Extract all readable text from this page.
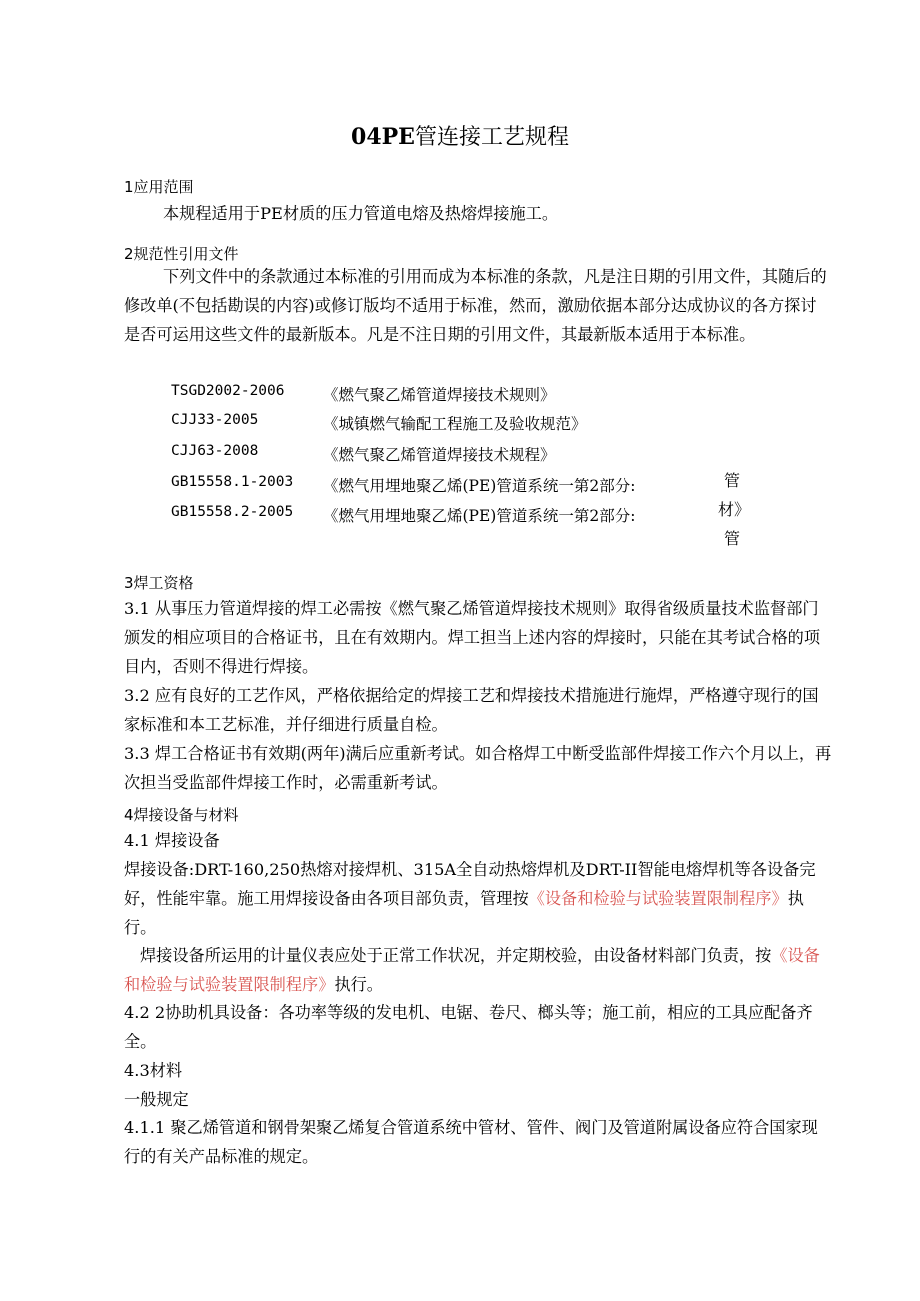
04PE管连接工艺规程
1应用范围
本规程适用于PE材质的压力管道电熔及热熔焊接施工。
2规范性引用文件
下列文件中的条款通过本标准的引用而成为本标准的条款，凡是注日期的引用文件，其随后的修改单(不包括勘误的内容)或修订版均不适用于标准，然而，激励依据本部分达成协议的各方探讨是否可运用这些文件的最新版本。凡是不注日期的引用文件，其最新版本适用于本标准。
TSGD2002-2006 《燃气聚乙烯管道焊接技术规则》
CJJ33-2005	《城镇燃气输配工程施工及验收规范》
CJJ63-2008	《燃气聚乙烯管道焊接技术规程》
GB15558.1-2003 《燃气用埋地聚乙烯(PE)管道系统一第2部分:
GB15558.2-2005 《燃气用埋地聚乙烯(PE)管道系统一第2部分:
管
材》
管
3焊工资格
3.1 从事压力管道焊接的焊工必需按《燃气聚乙烯管道焊接技术规则》取得省级质量技术监督部门颁发的相应项目的合格证书，且在有效期内。焊工担当上述内容的焊接时，只能在其考试合格的项目内，否则不得进行焊接。
3.2 应有良好的工艺作风，严格依据给定的焊接工艺和焊接技术措施进行施焊，严格遵守现行的国家标准和本工艺标准，并仔细进行质量自检。
3.3 焊工合格证书有效期(两年)满后应重新考试。如合格焊工中断受监部件焊接工作六个月以上，再次担当受监部件焊接工作时，必需重新考试。
4焊接设备与材料
4.1 焊接设备
焊接设备:DRT-160,250热熔对接焊机、315A全自动热熔焊机及DRT-II智能电熔焊机等各设备完好，性能牢靠。施工用焊接设备由各项目部负责，管理按《设备和检验与试验装置限制程序》执行。
焊接设备所运用的计量仪表应处于正常工作状况，并定期校验，由设备材料部门负责，按《设备和检验与试验装置限制程序》执行。
4.2 2协助机具设备：各功率等级的发电机、电锯、卷尺、榔头等；施工前，相应的工具应配备齐全。
4.3材料
一般规定
4.1.1 聚乙烯管道和钢骨架聚乙烯复合管道系统中管材、管件、阀门及管道附属设备应符合国家现行的有关产品标准的规定。
